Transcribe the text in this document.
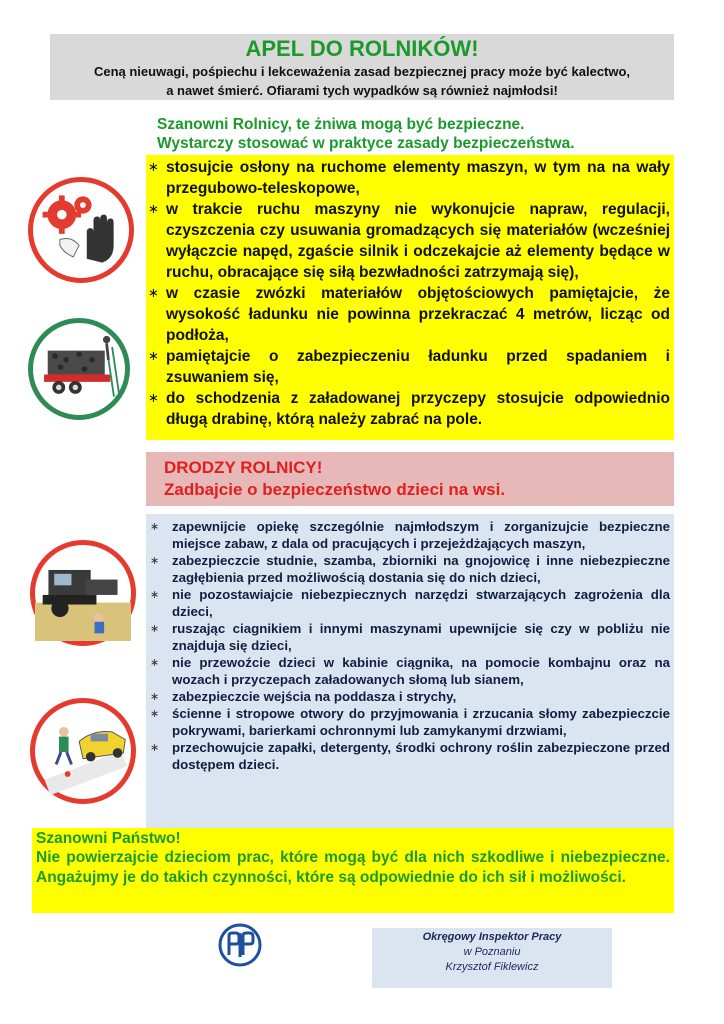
APEL DO ROLNIKÓW!

Ceną nieuwagi, pośpiechu i lekceważenia zasad bezpiecznej pracy może być kalectwo,

a nawet śmierć. Ofiarami tych wypadków są również najmłodsi!

Szanowni Rolnicy, te żniwa mogą być bezpieczne.
Wystarczy stosować w praktyce zasady bezpieczeństwa.
∗ stosujcie osłony na ruchome elementy maszyn, w tym na na wały przegubowo-teleskopowe,
∗ w trakcie ruchu maszyny nie wykonujcie napraw, regulacji, czyszczenia czy usuwania gromadzących się materiałów (wcześniej wyłączcie napęd, zgaście silnik i odczekajcie aż elementy będące w ruchu, obracające się siłą bezwładności zatrzymają się),
∗ w czasie zwózki materiałów objętościowych pamiętajcie, że wysokość ładunku nie powinna przekraczać 4 metrów, licząc od podłoża,
∗ pamiętajcie o zabezpieczeniu ładunku przed spadaniem i zsuwaniem się,
∗ do schodzenia z załadowanej przyczepy stosujcie odpowiednio długą drabinę, którą należy zabrać na pole.
DRODZY ROLNICY!
Zadbajcie o bezpieczeństwo dzieci na wsi.
∗ zapewnijcie opiekę szczególnie najmłodszym i zorganizujcie bezpieczne miejsce zabaw, z dala od pracujących i przejeżdżających maszyn,
∗ zabezpieczcie studnie, szamba, zbiorniki na gnojowicę i inne niebezpieczne zagłębienia przed możliwością dostania się do nich dzieci,
∗ nie pozostawiajcie niebezpiecznych narzędzi stwarzających zagrożenia dla dzieci,
∗ ruszając ciagnikiem i innymi maszynami upewnijcie się czy w pobliżu nie znajduja się dzieci,
∗ nie przewoźcie dzieci w kabinie ciągnika, na pomocie kombajnu oraz na wozach i przyczepach załadowanych słomą lub sianem,
∗ zabezpieczcie wejścia na poddasza i strychy,
∗ ścienne i stropowe otwory do przyjmowania i zrzucania słomy zabezpieczcie pokrywami, barierkami ochronnymi lub zamykanymi drzwiami,
∗ przechowujcie zapałki, detergenty, środki ochrony roślin zabezpieczone przed dostępem dzieci.
Szanowni Państwo!
Nie powierzajcie dzieciom prac, które mogą być dla nich szkodliwe i niebezpieczne. Angażujmy je do takich czynności, które są odpowiednie do ich sił i możliwości.
Okręgowy Inspektor Pracy
w Poznaniu
Krzysztof Fiklewicz
